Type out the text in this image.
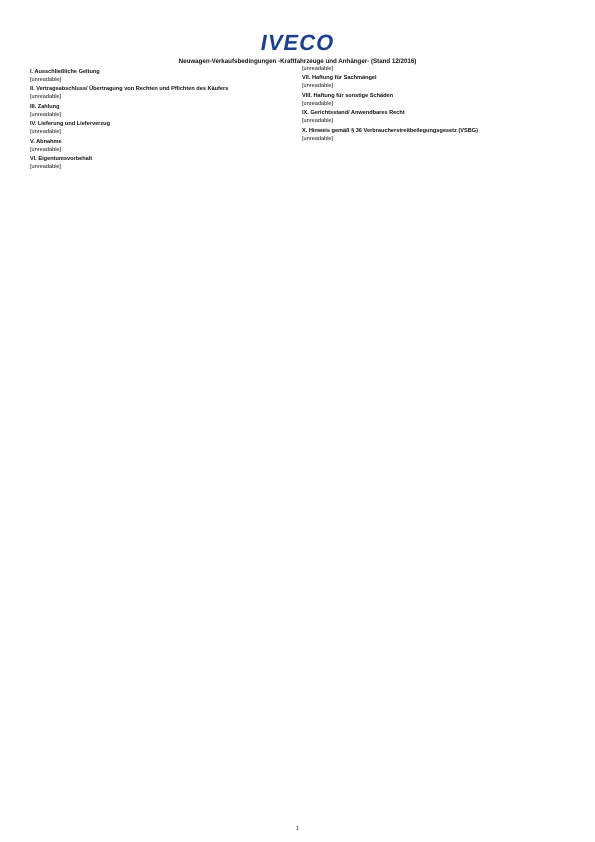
IVECO
Neuwagen-Verkaufsbedingungen -Kraftfahrzeuge und Anhänger- (Stand 12/2016)
I. Ausschließliche Geltung
[unreadable]
II. Vertragsabschluss/ Übertragung von Rechten und Pflichten des Käufers
[unreadable]
III. Zahlung
[unreadable]
IV. Lieferung und Lieferverzug
[unreadable]
V. Abnahme
[unreadable]
VI. Eigentumsvorbehalt
[unreadable]
[unreadable]
VII. Haftung für Sachmängel
[unreadable]
VIII. Haftung für sonstige Schäden
[unreadable]
IX. Gerichtsstand/ Anwendbares Recht
[unreadable]
X. Hinweis gemäß § 36 Verbraucherstreitbeilegungsgesetz (VSBG)
[unreadable]
1
